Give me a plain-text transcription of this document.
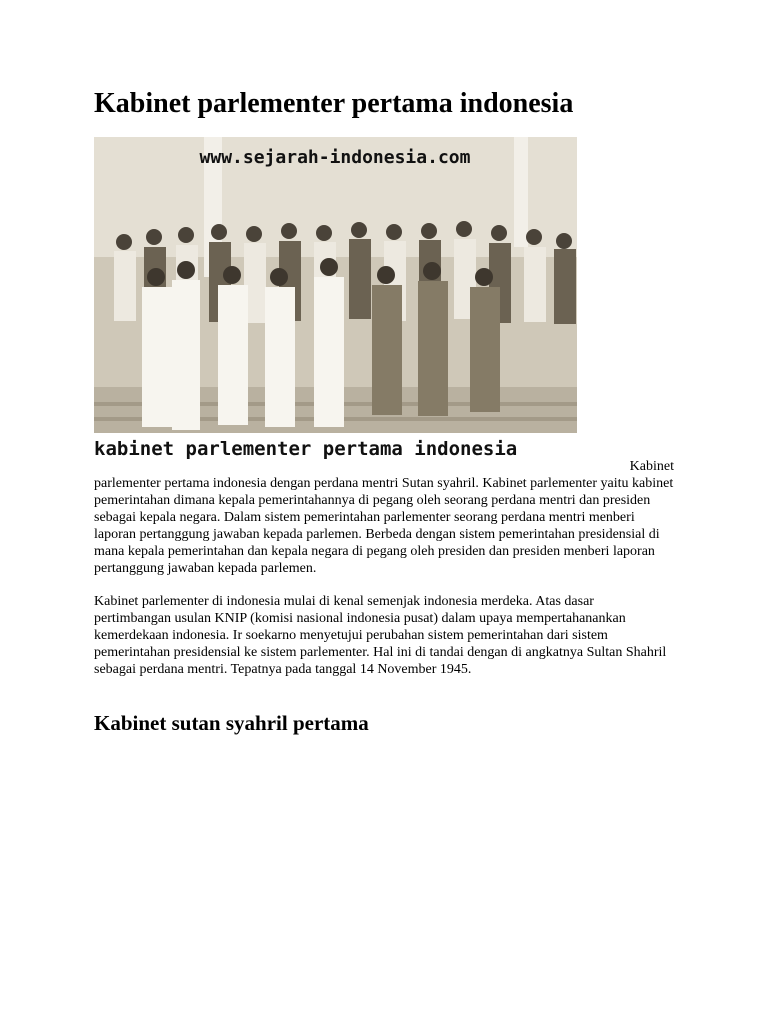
Kabinet parlementer pertama indonesia
www.sejarah-indonesia.com
kabinet parlementer pertama indonesia

Kabinet
parlementer pertama indonesia dengan perdana mentri Sutan syahril. Kabinet parlementer yaitu kabinet pemerintahan dimana kepala pemerintahannya di pegang oleh seorang perdana mentri dan presiden sebagai kepala negara. Dalam sistem pemerintahan parlementer seorang perdana mentri menberi laporan pertanggung jawaban kepada parlemen. Berbeda dengan sistem pemerintahan presidensial di mana kepala pemerintahan dan kepala negara di pegang oleh presiden dan presiden menberi laporan pertanggung jawaban kepada parlemen.

Kabinet parlementer di indonesia mulai di kenal semenjak indonesia merdeka. Atas dasar pertimbangan usulan KNIP (komisi nasional indonesia pusat) dalam upaya mempertahanankan kemerdekaan indonesia. Ir soekarno menyetujui perubahan sistem pemerintahan dari sistem pemerintahan presidensial ke sistem parlementer. Hal ini di tandai dengan di angkatnya Sultan Shahril sebagai perdana mentri. Tepatnya pada tanggal 14 November 1945.

Kabinet sutan syahril pertama
